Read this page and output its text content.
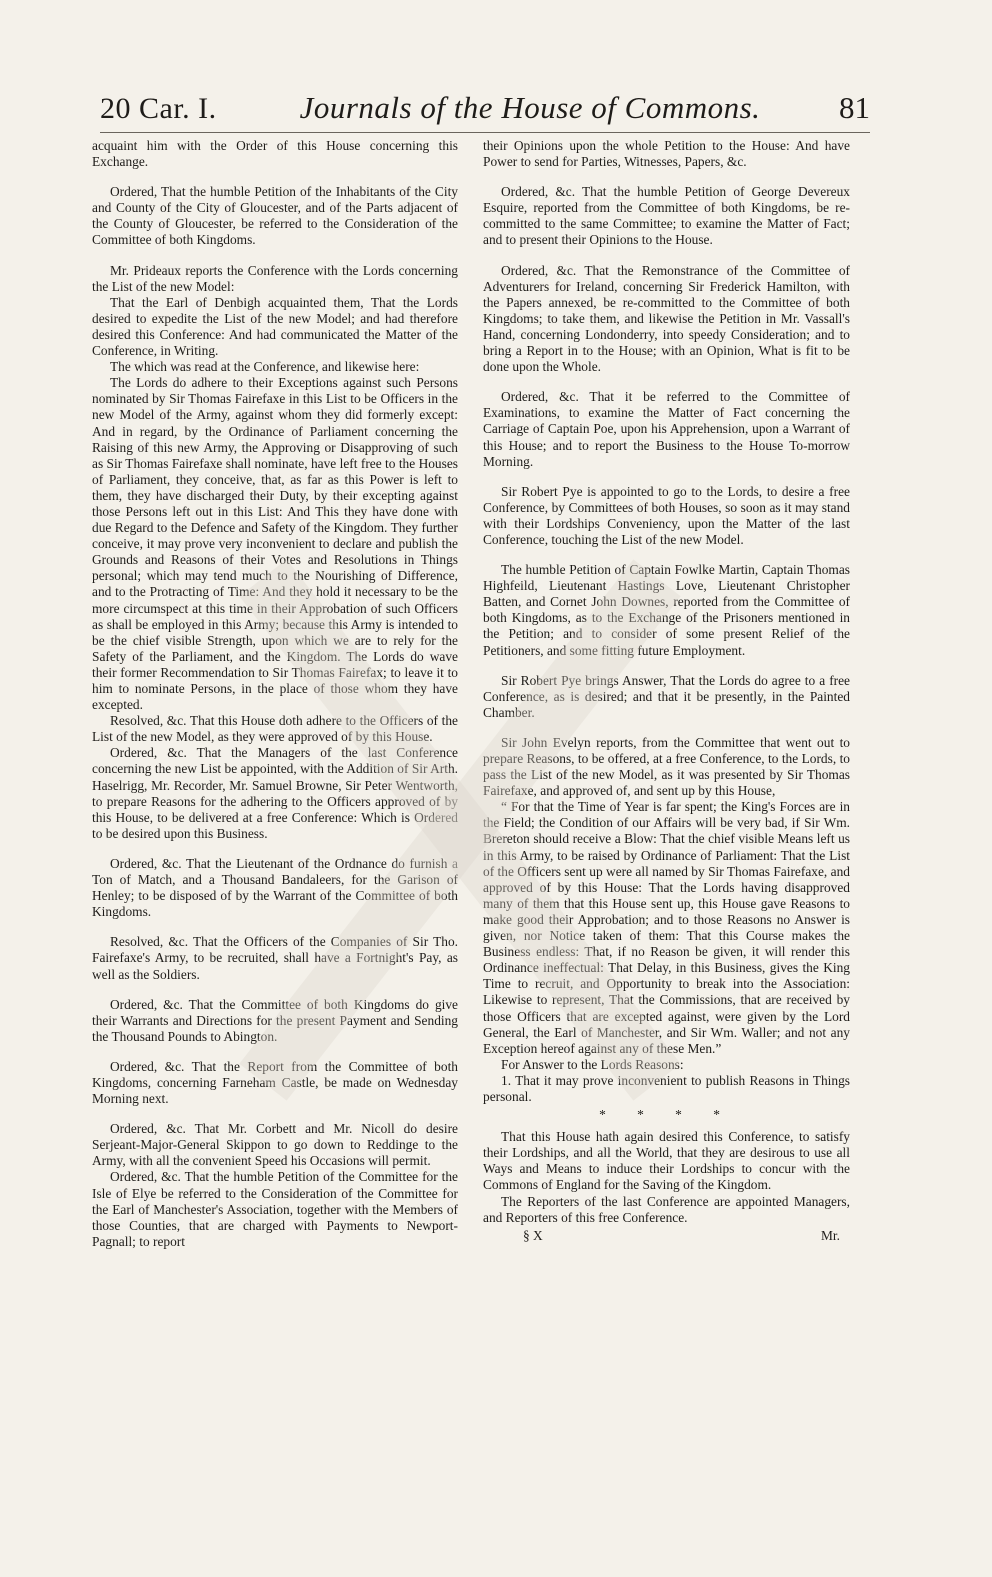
20 Car. I.	Journals of the House of Commons.	81

acquaint him with the Order of this House concerning this Exchange.

Ordered, That the humble Petition of the Inhabitants of the City and County of the City of Gloucester, and of the Parts adjacent of the County of Gloucester, be referred to the Consideration of the Committee of both Kingdoms.

Mr. Prideaux reports the Conference with the Lords concerning the List of the new Model:

That the Earl of Denbigh acquainted them, That the Lords desired to expedite the List of the new Model; and had therefore desired this Conference: And had communicated the Matter of the Conference, in Writing.

The which was read at the Conference, and likewise here:

The Lords do adhere to their Exceptions against such Persons nominated by Sir Thomas Fairefaxe in this List to be Officers in the new Model of the Army, against whom they did formerly except: And in regard, by the Ordinance of Parliament concerning the Raising of this new Army, the Approving or Disapproving of such as Sir Thomas Fairefaxe shall nominate, have left free to the Houses of Parliament, they conceive, that, as far as this Power is left to them, they have discharged their Duty, by their excepting against those Persons left out in this List: And This they have done with due Regard to the Defence and Safety of the Kingdom. They further conceive, it may prove very inconvenient to declare and publish the Grounds and Reasons of their Votes and Resolutions in Things personal; which may tend much to the Nourishing of Difference, and to the Protracting of Time: And they hold it necessary to be the more circumspect at this time in their Approbation of such Officers as shall be employed in this Army; because this Army is intended to be the chief visible Strength, upon which we are to rely for the Safety of the Parliament, and the Kingdom. The Lords do wave their former Recommendation to Sir Thomas Fairefax; to leave it to him to nominate Persons, in the place of those whom they have excepted.

Resolved, &c. That this House doth adhere to the Officers of the List of the new Model, as they were approved of by this House.

Ordered, &c. That the Managers of the last Conference concerning the new List be appointed, with the Addition of Sir Arth. Haselrigg, Mr. Recorder, Mr. Samuel Browne, Sir Peter Wentworth, to prepare Reasons for the adhering to the Officers approved of by this House, to be delivered at a free Conference: Which is Ordered to be desired upon this Business.

Ordered, &c. That the Lieutenant of the Ordnance do furnish a Ton of Match, and a Thousand Bandaleers, for the Garison of Henley; to be disposed of by the Warrant of the Committee of both Kingdoms.

Resolved, &c. That the Officers of the Companies of Sir Tho. Fairefaxe's Army, to be recruited, shall have a Fortnight's Pay, as well as the Soldiers.

Ordered, &c. That the Committee of both Kingdoms do give their Warrants and Directions for the present Payment and Sending the Thousand Pounds to Abington.

Ordered, &c. That the Report from the Committee of both Kingdoms, concerning Farneham Castle, be made on Wednesday Morning next.

Ordered, &c. That Mr. Corbett and Mr. Nicoll do desire Serjeant-Major-General Skippon to go down to Reddinge to the Army, with all the convenient Speed his Occasions will permit.

Ordered, &c. That the humble Petition of the Committee for the Isle of Elye be referred to the Consideration of the Committee for the Earl of Manchester's Association, together with the Members of those Counties, that are charged with Payments to Newport-Pagnall; to report

their Opinions upon the whole Petition to the House: And have Power to send for Parties, Witnesses, Papers, &c.

Ordered, &c. That the humble Petition of George Devereux Esquire, reported from the Committee of both Kingdoms, be re-committed to the same Committee; to examine the Matter of Fact; and to present their Opinions to the House.

Ordered, &c. That the Remonstrance of the Committee of Adventurers for Ireland, concerning Sir Frederick Hamilton, with the Papers annexed, be re-committed to the Committee of both Kingdoms; to take them, and likewise the Petition in Mr. Vassall's Hand, concerning Londonderry, into speedy Consideration; and to bring a Report in to the House; with an Opinion, What is fit to be done upon the Whole.

Ordered, &c. That it be referred to the Committee of Examinations, to examine the Matter of Fact concerning the Carriage of Captain Poe, upon his Apprehension, upon a Warrant of this House; and to report the Business to the House To-morrow Morning.

Sir Robert Pye is appointed to go to the Lords, to desire a free Conference, by Committees of both Houses, so soon as it may stand with their Lordships Conveniency, upon the Matter of the last Conference, touching the List of the new Model.

The humble Petition of Captain Fowlke Martin, Captain Thomas Highfeild, Lieutenant Hastings Love, Lieutenant Christopher Batten, and Cornet John Downes, reported from the Committee of both Kingdoms, as to the Exchange of the Prisoners mentioned in the Petition; and to consider of some present Relief of the Petitioners, and some fitting future Employment.

Sir Robert Pye brings Answer, That the Lords do agree to a free Conference, as is desired; and that it be presently, in the Painted Chamber.

Sir John Evelyn reports, from the Committee that went out to prepare Reasons, to be offered, at a free Conference, to the Lords, to pass the List of the new Model, as it was presented by Sir Thomas Fairefaxe, and approved of, and sent up by this House,

“ For that the Time of Year is far spent; the King's Forces are in the Field; the Condition of our Affairs will be very bad, if Sir Wm. Brereton should receive a Blow: That the chief visible Means left us in this Army, to be raised by Ordinance of Parliament: That the List of the Officers sent up were all named by Sir Thomas Fairefaxe, and approved of by this House: That the Lords having disapproved many of them that this House sent up, this House gave Reasons to make good their Approbation; and to those Reasons no Answer is given, nor Notice taken of them: That this Course makes the Business endless: That, if no Reason be given, it will render this Ordinance ineffectual: That Delay, in this Business, gives the King Time to recruit, and Opportunity to break into the Association: Likewise to represent, That the Commissions, that are received by those Officers that are excepted against, were given by the Lord General, the Earl of Manchester, and Sir Wm. Waller; and not any Exception hereof against any of these Men.”

For Answer to the Lords Reasons:

1. That it may prove inconvenient to publish Reasons in Things personal.

* * * *

That this House hath again desired this Conference, to satisfy their Lordships, and all the World, that they are desirous to use all Ways and Means to induce their Lordships to concur with the Commons of England for the Saving of the Kingdom.

The Reporters of the last Conference are appointed Managers, and Reporters of this free Conference.

§ X	Mr.
